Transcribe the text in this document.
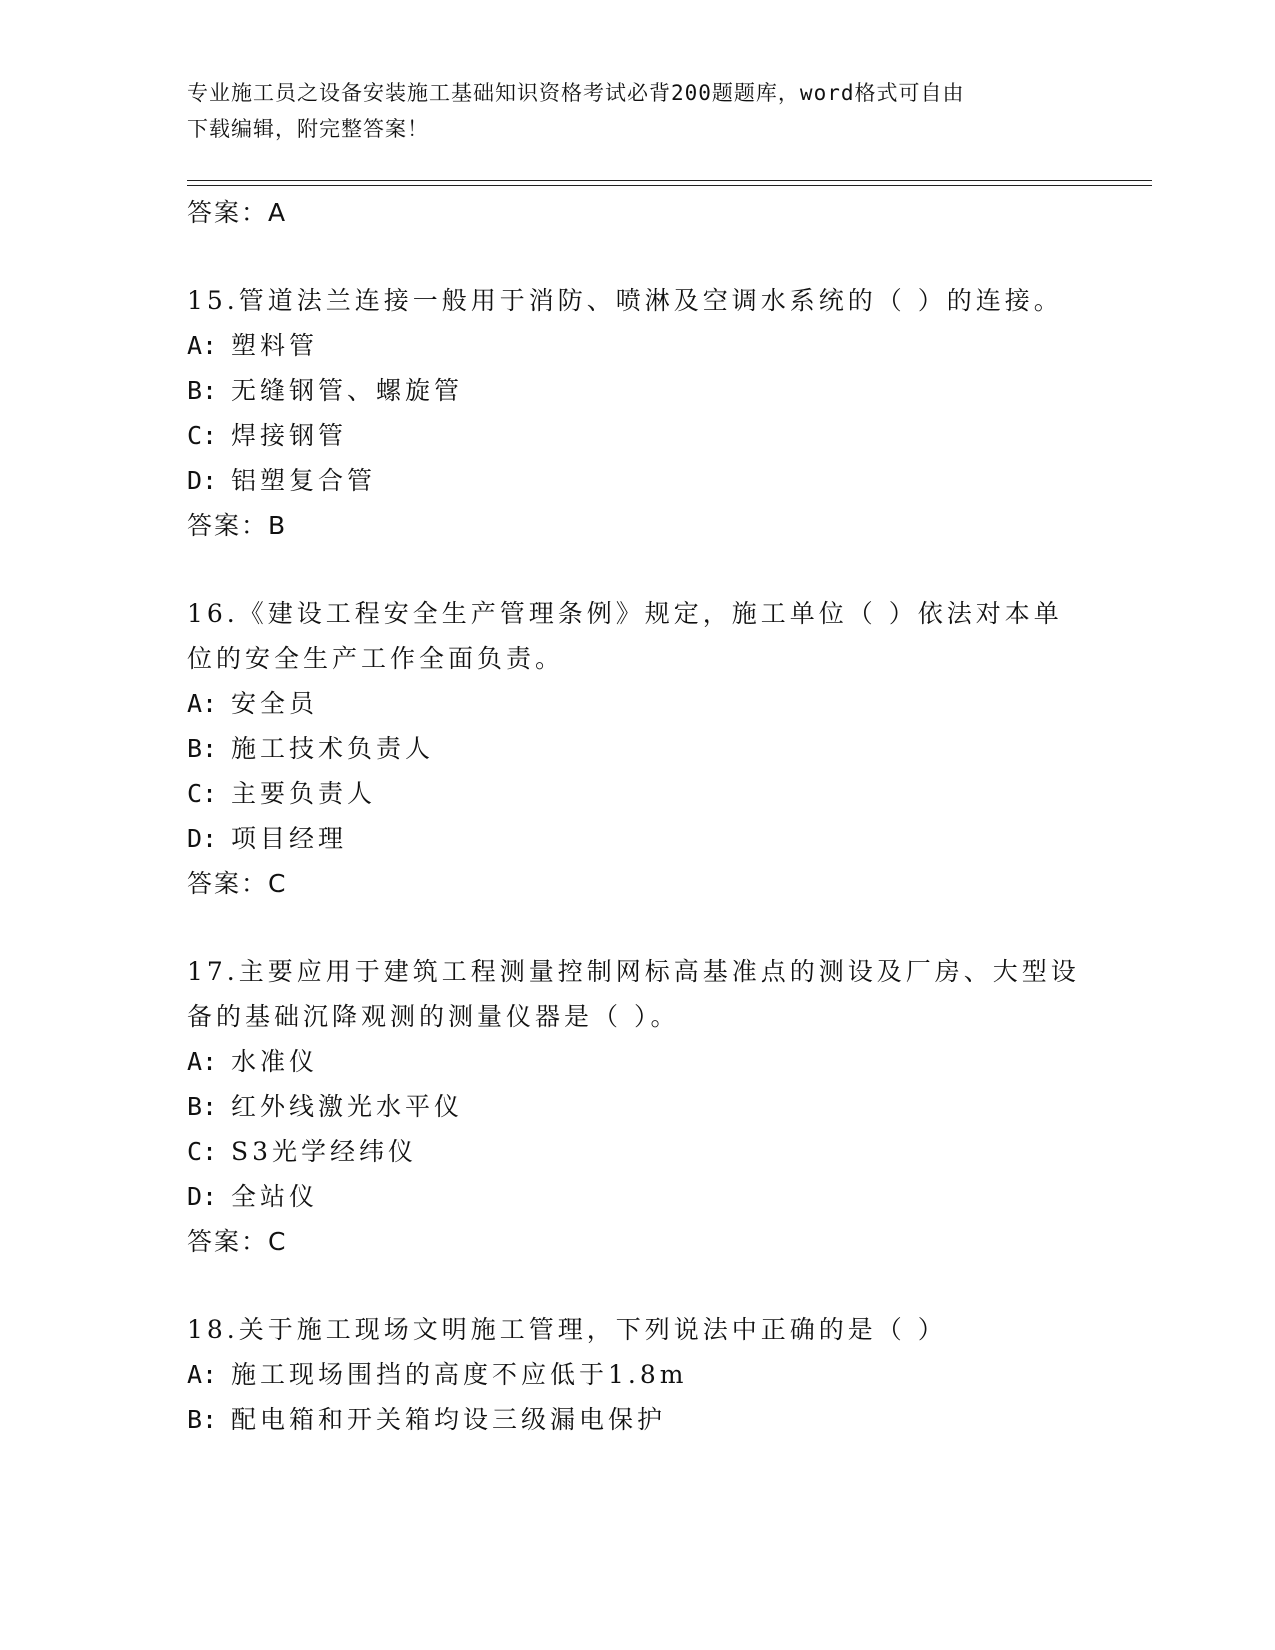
专业施工员之设备安装施工基础知识资格考试必背200题题库，word格式可自由
下载编辑，附完整答案！
答案：A
15.管道法兰连接一般用于消防、喷淋及空调水系统的（ ）的连接。
A: 塑料管
B: 无缝钢管、螺旋管
C: 焊接钢管
D: 铝塑复合管
答案：B
16.《建设工程安全生产管理条例》规定，施工单位（ ）依法对本单位的安全生产工作全面负责。
A: 安全员
B: 施工技术负责人
C: 主要负责人
D: 项目经理
答案：C
17.主要应用于建筑工程测量控制网标高基准点的测设及厂房、大型设备的基础沉降观测的测量仪器是（ ）。
A: 水准仪
B: 红外线激光水平仪
C: S3光学经纬仪
D: 全站仪
答案：C
18.关于施工现场文明施工管理，下列说法中正确的是（ ）
A: 施工现场围挡的高度不应低于1.8m
B: 配电箱和开关箱均设三级漏电保护
